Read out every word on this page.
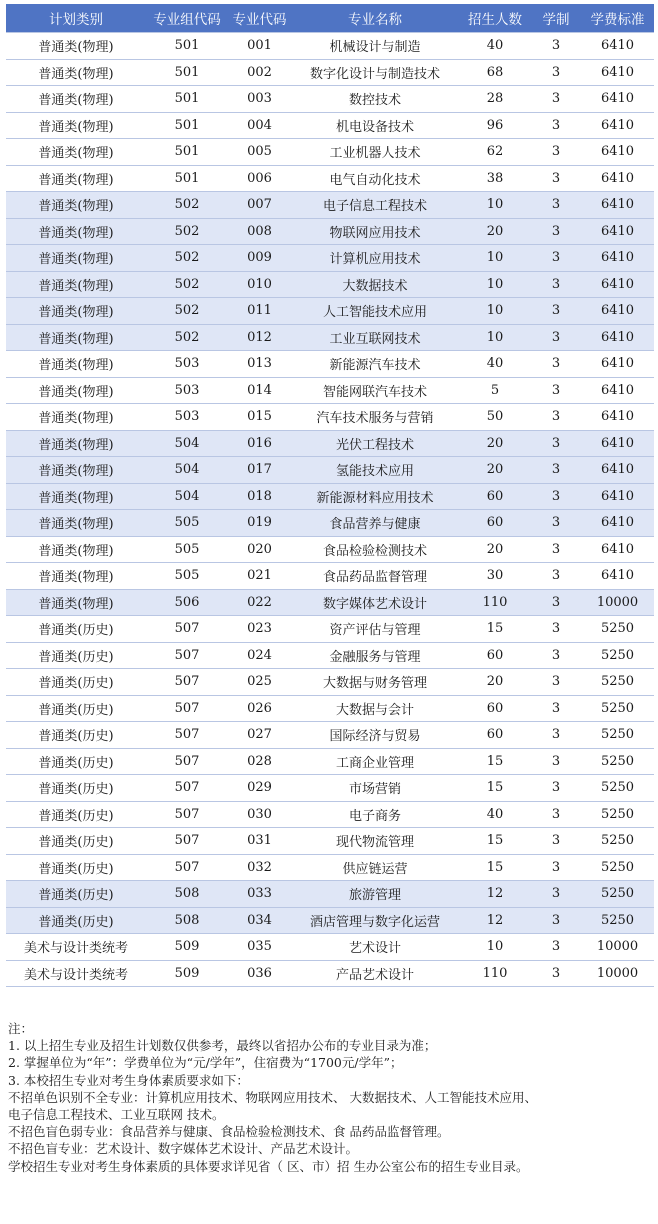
计划类别	专业组代码	专业代码	专业名称	招生人数	学制	学费标准
普通类(物理)	501	001	机械设计与制造	40	3	6410
普通类(物理)	501	002	数字化设计与制造技术	68	3	6410
普通类(物理)	501	003	数控技术	28	3	6410
普通类(物理)	501	004	机电设备技术	96	3	6410
普通类(物理)	501	005	工业机器人技术	62	3	6410
普通类(物理)	501	006	电气自动化技术	38	3	6410
普通类(物理)	502	007	电子信息工程技术	10	3	6410
普通类(物理)	502	008	物联网应用技术	20	3	6410
普通类(物理)	502	009	计算机应用技术	10	3	6410
普通类(物理)	502	010	大数据技术	10	3	6410
普通类(物理)	502	011	人工智能技术应用	10	3	6410
普通类(物理)	502	012	工业互联网技术	10	3	6410
普通类(物理)	503	013	新能源汽车技术	40	3	6410
普通类(物理)	503	014	智能网联汽车技术	5	3	6410
普通类(物理)	503	015	汽车技术服务与营销	50	3	6410
普通类(物理)	504	016	光伏工程技术	20	3	6410
普通类(物理)	504	017	氢能技术应用	20	3	6410
普通类(物理)	504	018	新能源材料应用技术	60	3	6410
普通类(物理)	505	019	食品营养与健康	60	3	6410
普通类(物理)	505	020	食品检验检测技术	20	3	6410
普通类(物理)	505	021	食品药品监督管理	30	3	6410
普通类(物理)	506	022	数字媒体艺术设计	110	3	10000
普通类(历史)	507	023	资产评估与管理	15	3	5250
普通类(历史)	507	024	金融服务与管理	60	3	5250
普通类(历史)	507	025	大数据与财务管理	20	3	5250
普通类(历史)	507	026	大数据与会计	60	3	5250
普通类(历史)	507	027	国际经济与贸易	60	3	5250
普通类(历史)	507	028	工商企业管理	15	3	5250
普通类(历史)	507	029	市场营销	15	3	5250
普通类(历史)	507	030	电子商务	40	3	5250
普通类(历史)	507	031	现代物流管理	15	3	5250
普通类(历史)	507	032	供应链运营	15	3	5250
普通类(历史)	508	033	旅游管理	12	3	5250
普通类(历史)	508	034	酒店管理与数字化运营	12	3	5250
美术与设计类统考	509	035	艺术设计	10	3	10000
美术与设计类统考	509	036	产品艺术设计	110	3	10000
注：
1. 以上招生专业及招生计划数仅供参考，最终以省招办公布的专业目录为准；
2. 掌握单位为“年”：学费单位为“元/学年”，住宿费为“1700元/学年”；
3. 本校招生专业对考生身体素质要求如下：
不招单色识别不全专业：计算机应用技术、物联网应用技术、 大数据技术、人工智能技术应用、
电子信息工程技术、工业互联网 技术。
不招色盲色弱专业：食品营养与健康、食品检验检测技术、食 品药品监督管理。
不招色盲专业：艺术设计、数字媒体艺术设计、产品艺术设计。
学校招生专业对考生身体素质的具体要求详见省（ 区、市）招 生办公室公布的招生专业目录。
